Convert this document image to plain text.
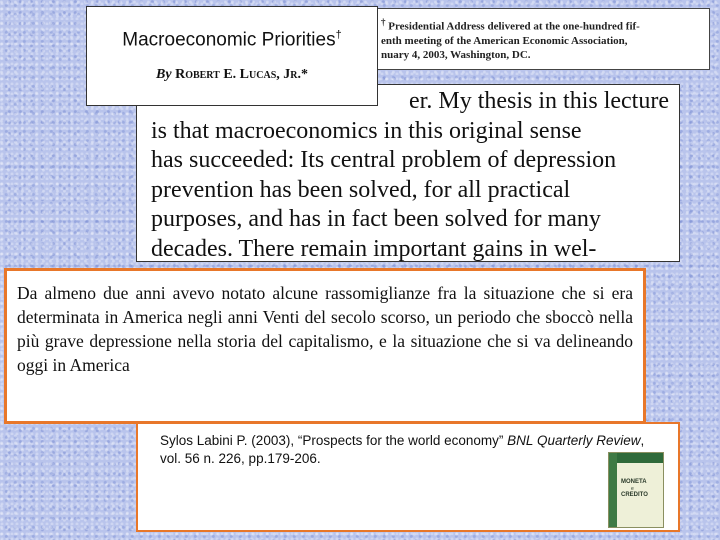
† Presidential Address delivered at the one-hundred fif-
enth meeting of the American Economic Association,
nuary 4, 2003, Washington, DC.
er. My thesis in this lecture
is that macroeconomics in this original sense
has succeeded: Its central problem of depression
prevention has been solved, for all practical
purposes, and has in fact been solved for many
decades. There remain important gains in wel-
Macroeconomic Priorities†
By Robert E. Lucas, Jr.*
Da almeno due anni avevo notato alcune rassomiglianze fra la situazione che si era determinata in America negli anni Venti del secolo scorso, un periodo che sboccò nella più grave depressione nella storia del capitalismo, e la situazione che si va delineando oggi in America
Sylos Labini P. (2003), “Prospects for the world economy” BNL Quarterly Review, vol. 56 n. 226, pp.179-206.
MONETA
e
CREDITO
